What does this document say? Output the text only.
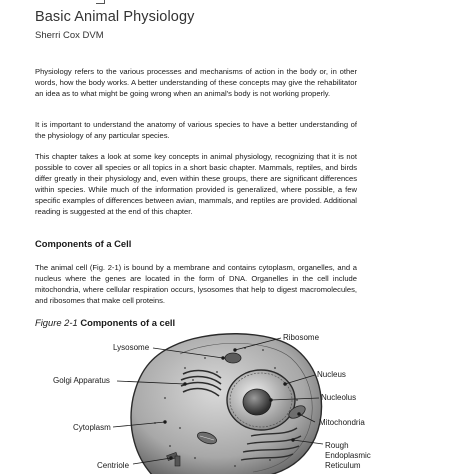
Basic Animal Physiology

Sherri Cox DVM

Physiology refers to the various processes and mechanisms of action in the body or, in other words, how the body works. A better understanding of these concepts may give the rehabilitator an idea as to what might be going wrong when an animal's body is not working properly.

It is important to understand the anatomy of various species to have a better understanding of the physiology of any particular species.

This chapter takes a look at some key concepts in animal physiology, recognizing that it is not possible to cover all species or all topics in a short basic chapter. Mammals, reptiles, and birds differ greatly in their physiology and, even within these groups, there are significant differences within species. While much of the information provided is generalized, where possible, a few specific examples of differences between avian, mammals, and reptiles are provided. Additional reading is suggested at the end of this chapter.

Components of a Cell

The animal cell (Fig. 2-1) is bound by a membrane and contains cytoplasm, organelles, and a nucleus where the genes are located in the form of DNA. Organelles in the cell include mitochondria, where cellular respiration occurs, lysosomes that help to digest macromolecules, and ribosomes that make cell proteins.

Figure 2-1 Components of a cell

Lysosome
Ribosome
Golgi Apparatus
Nucleus
Nucleolus
Cytoplasm
Mitochondria
Rough
Endoplasmic
Reticulum
Centriole
